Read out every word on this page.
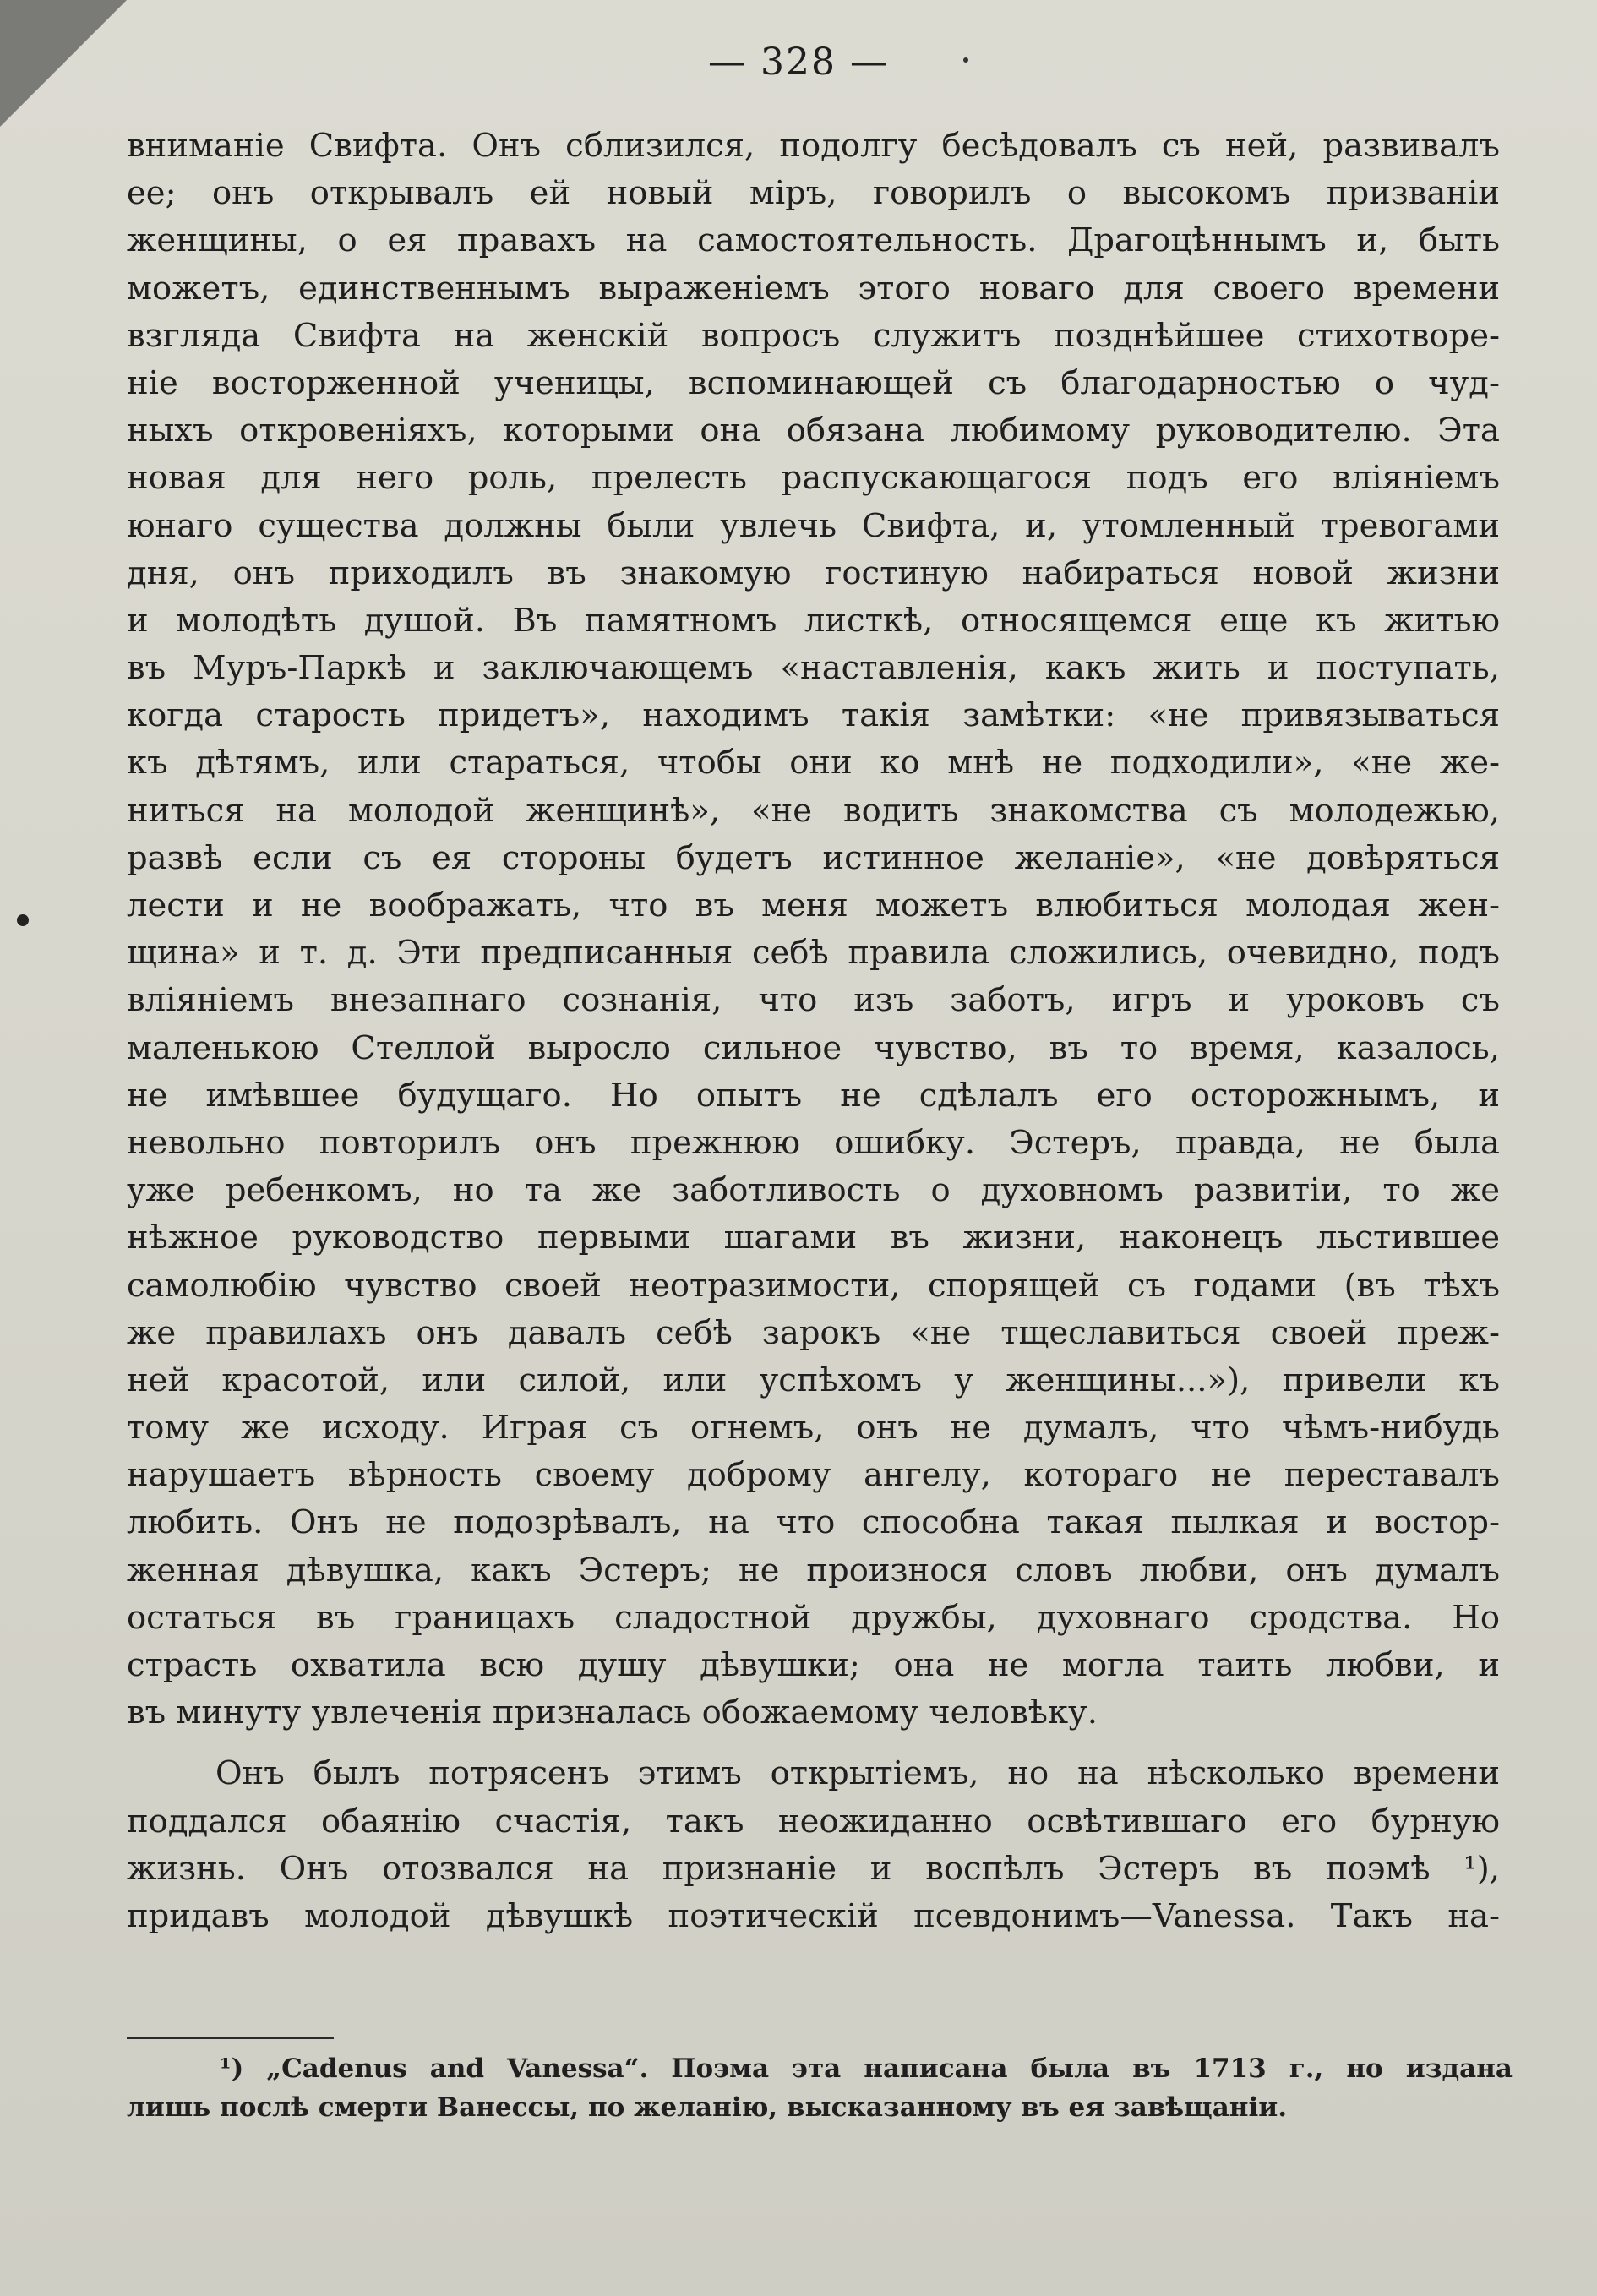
— 328 —
вниманіе Свифта. Онъ сблизился, подолгу бесѣдовалъ съ ней, развивалъ
ее; онъ открывалъ ей новый міръ, говорилъ о высокомъ призваніи
женщины, о ея правахъ на самостоятельность. Драгоцѣннымъ и, быть
можетъ, единственнымъ выраженіемъ этого новаго для своего времени
взгляда Свифта на женскій вопросъ служитъ позднѣйшее стихотворе-
ніе восторженной ученицы, вспоминающей съ благодарностью о чуд-
ныхъ откровеніяхъ, которыми она обязана любимому руководителю. Эта
новая для него роль, прелесть распускающагося подъ его вліяніемъ
юнаго существа должны были увлечь Свифта, и, утомленный тревогами
дня, онъ приходилъ въ знакомую гостиную набираться новой жизни
и молодѣть душой. Въ памятномъ листкѣ, относящемся еще къ житью
въ Муръ-Паркѣ и заключающемъ «наставленія, какъ жить и поступать,
когда старость придетъ», находимъ такія замѣтки: «не привязываться
къ дѣтямъ, или стараться, чтобы они ко мнѣ не подходили», «не же-
ниться на молодой женщинѣ», «не водить знакомства съ молодежью,
развѣ если съ ея стороны будетъ истинное желаніе», «не довѣряться
лести и не воображать, что въ меня можетъ влюбиться молодая жен-
щина» и т. д. Эти предписанныя себѣ правила сложились, очевидно, подъ
вліяніемъ внезапнаго сознанія, что изъ заботъ, игръ и уроковъ съ
маленькою Стеллой выросло сильное чувство, въ то время, казалось,
не имѣвшее будущаго. Но опытъ не сдѣлалъ его осторожнымъ, и
невольно повторилъ онъ прежнюю ошибку. Эстеръ, правда, не была
уже ребенкомъ, но та же заботливость о духовномъ развитіи, то же
нѣжное руководство первыми шагами въ жизни, наконецъ льстившее
самолюбію чувство своей неотразимости, спорящей съ годами (въ тѣхъ
же правилахъ онъ давалъ себѣ зарокъ «не тщеславиться своей преж-
ней красотой, или силой, или успѣхомъ у женщины...»), привели къ
тому же исходу. Играя съ огнемъ, онъ не думалъ, что чѣмъ-нибудь
нарушаетъ вѣрность своему доброму ангелу, котораго не переставалъ
любить. Онъ не подозрѣвалъ, на что способна такая пылкая и востор-
женная дѣвушка, какъ Эстеръ; не произнося словъ любви, онъ думалъ
остаться въ границахъ сладостной дружбы, духовнаго сродства. Но
страсть охватила всю душу дѣвушки; она не могла таить любви, и
въ минуту увлеченія призналась обожаемому человѣку.
Онъ былъ потрясенъ этимъ открытіемъ, но на нѣсколько времени
поддался обаянію счастія, такъ неожиданно освѣтившаго его бурную
жизнь. Онъ отозвался на признаніе и воспѣлъ Эстеръ въ поэмѣ ¹),
придавъ молодой дѣвушкѣ поэтическій псевдонимъ—Vanessa. Такъ на-
¹) „Cadenus and Vanessa“. Поэма эта написана была въ 1713 г., но издана
лишь послѣ смерти Ванессы, по желанію, высказанному въ ея завѣщаніи.
